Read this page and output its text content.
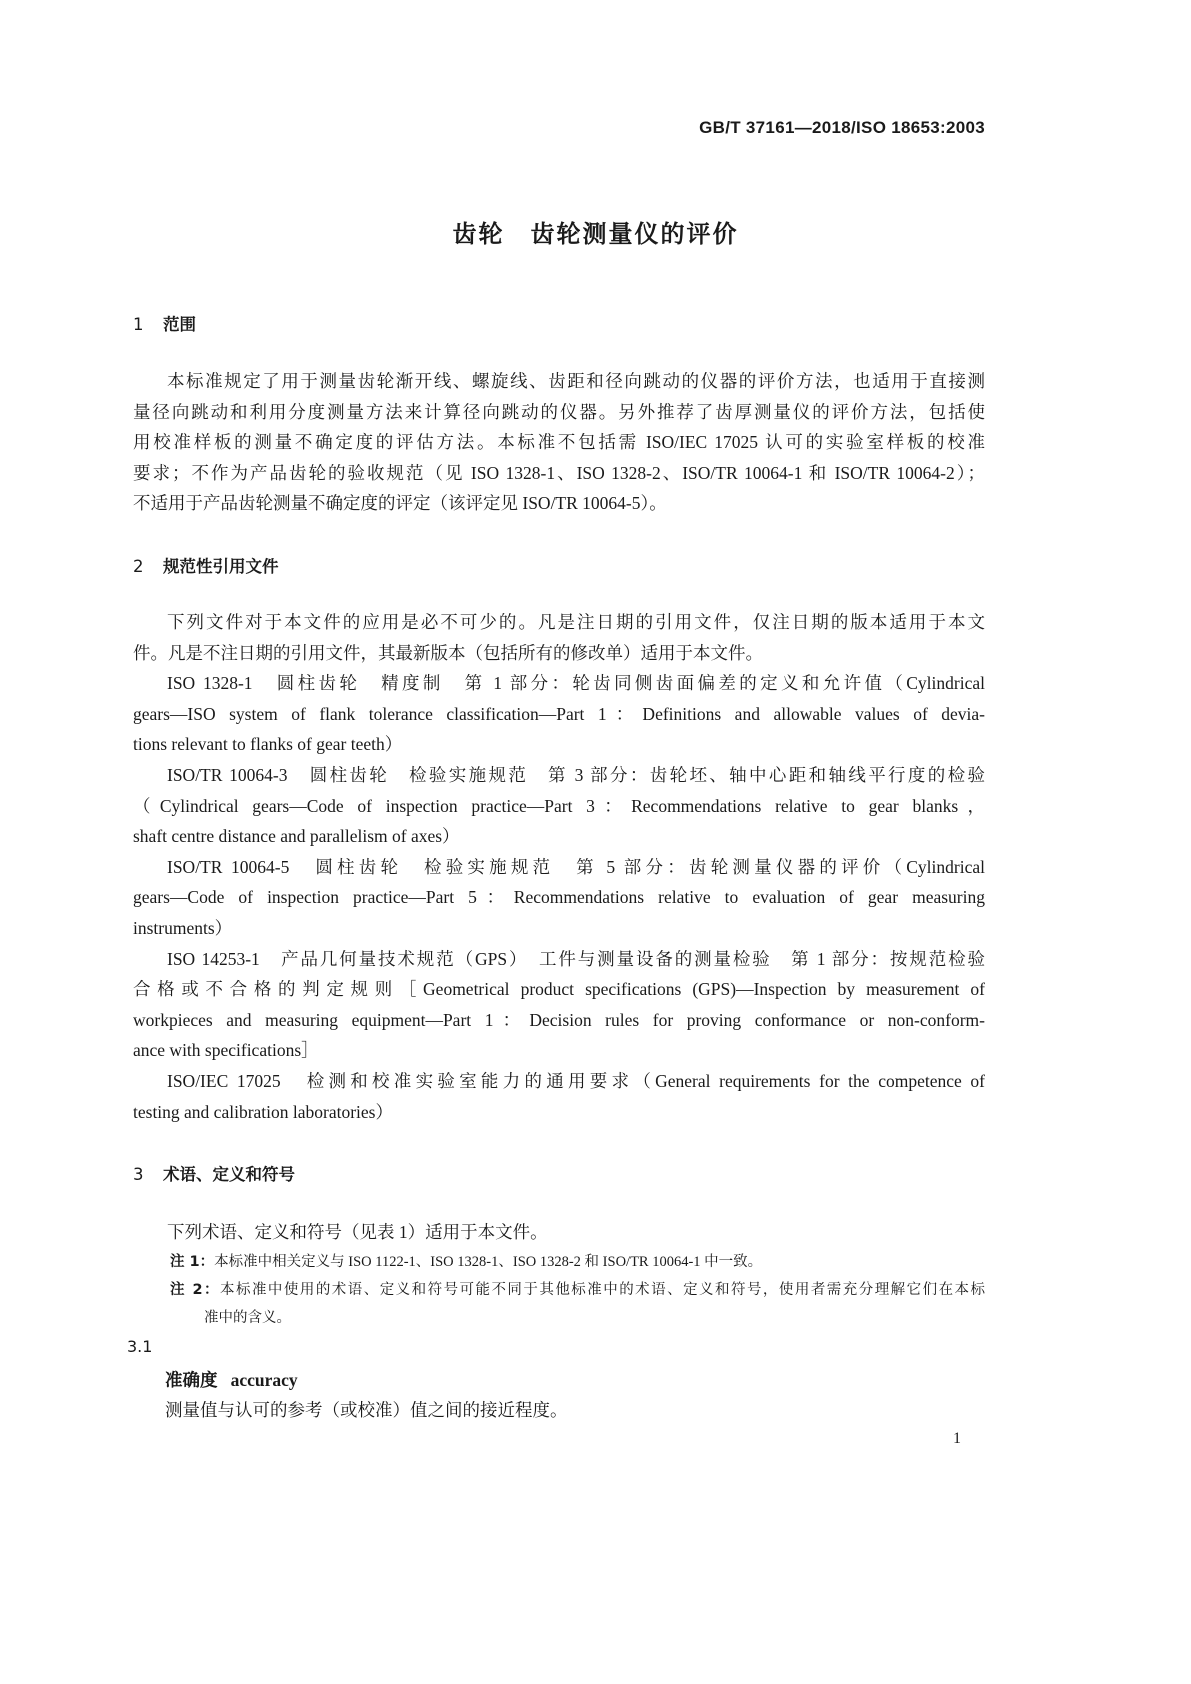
GB/T 37161—2018/ISO 18653:2003
齿轮　齿轮测量仪的评价
1 范围
本标准规定了用于测量齿轮渐开线、螺旋线、齿距和径向跳动的仪器的评价方法，也适用于直接测
量径向跳动和利用分度测量方法来计算径向跳动的仪器。另外推荐了齿厚测量仪的评价方法，包括使
用校准样板的测量不确定度的评估方法。本标准不包括需 ISO/IEC 17025 认可的实验室样板的校准
要求；不作为产品齿轮的验收规范（见 ISO 1328-1、ISO 1328-2、ISO/TR 10064-1 和 ISO/TR 10064-2）；
不适用于产品齿轮测量不确定度的评定（该评定见 ISO/TR 10064-5）。
2 规范性引用文件
下列文件对于本文件的应用是必不可少的。凡是注日期的引用文件，仅注日期的版本适用于本文
件。凡是不注日期的引用文件，其最新版本（包括所有的修改单）适用于本文件。
ISO 1328-1　圆柱齿轮　精度制　第 1 部分：轮齿同侧齿面偏差的定义和允许值（Cylindrical
gears—ISO system of flank tolerance classification—Part 1：Definitions and allowable values of devia-
tions relevant to flanks of gear teeth）
ISO/TR 10064-3　圆柱齿轮　检验实施规范　第 3 部分：齿轮坯、轴中心距和轴线平行度的检验
（Cylindrical gears—Code of inspection practice—Part 3：Recommendations relative to gear blanks，
shaft centre distance and parallelism of axes）
ISO/TR 10064-5　圆柱齿轮　检验实施规范　第 5 部分：齿轮测量仪器的评价（Cylindrical
gears—Code of inspection practice—Part 5：Recommendations relative to evaluation of gear measuring
instruments）
ISO 14253-1　产品几何量技术规范（GPS）　工件与测量设备的测量检验　第 1 部分：按规范检验
合格或不合格的判定规则［Geometrical product specifications (GPS)—Inspection by measurement of
workpieces and measuring equipment—Part 1：Decision rules for proving conformance or non-conform-
ance with specifications］
ISO/IEC 17025　检测和校准实验室能力的通用要求（General requirements for the competence of
testing and calibration laboratories）
3 术语、定义和符号
下列术语、定义和符号（见表 1）适用于本文件。
注 1：本标准中相关定义与 ISO 1122-1、ISO 1328-1、ISO 1328-2 和 ISO/TR 10064-1 中一致。
注 2：本标准中使用的术语、定义和符号可能不同于其他标准中的术语、定义和符号，使用者需充分理解它们在本标
准中的含义。
3.1
准确度 accuracy
测量值与认可的参考（或校准）值之间的接近程度。
1
